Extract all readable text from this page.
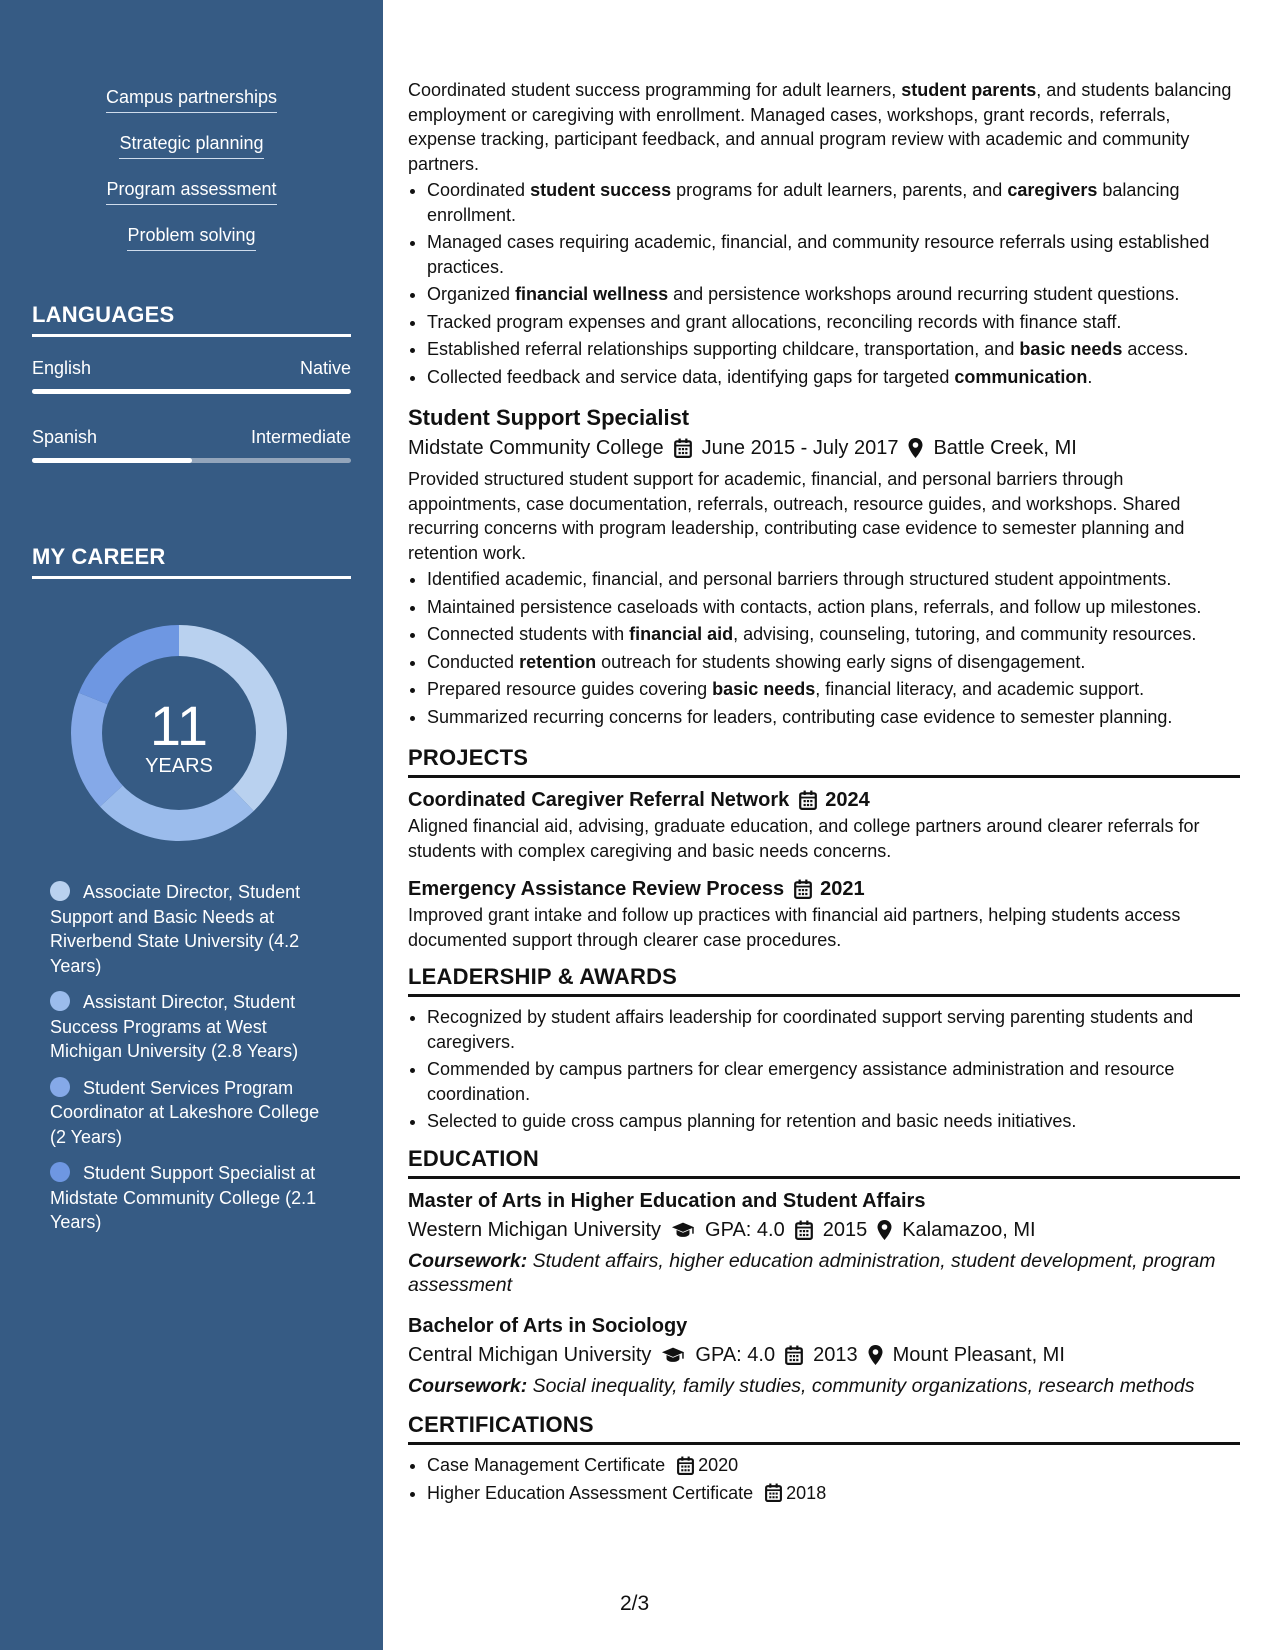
Campus partnerships
Strategic planning
Program assessment
Problem solving
LANGUAGES
English	Native
Spanish	Intermediate
MY CAREER
11
YEARS
Associate Director, Student Support and Basic Needs at Riverbend State University (4.2 Years)
Assistant Director, Student Success Programs at West Michigan University (2.8 Years)
Student Services Program Coordinator at Lakeshore College (2 Years)
Student Support Specialist at Midstate Community College (2.1 Years)

Coordinated student success programming for adult learners, student parents, and students balancing employment or caregiving with enrollment. Managed cases, workshops, grant records, referrals, expense tracking, participant feedback, and annual program review with academic and community partners.

• Coordinated student success programs for adult learners, parents, and caregivers balancing enrollment.
• Managed cases requiring academic, financial, and community resource referrals using established practices.
• Organized financial wellness and persistence workshops around recurring student questions.
• Tracked program expenses and grant allocations, reconciling records with finance staff.
• Established referral relationships supporting childcare, transportation, and basic needs access.
• Collected feedback and service data, identifying gaps for targeted communication.
Student Support Specialist
Midstate Community College June 2015 - July 2017 Battle Creek, MI

Provided structured student support for academic, financial, and personal barriers through appointments, case documentation, referrals, outreach, resource guides, and workshops. Shared recurring concerns with program leadership, contributing case evidence to semester planning and retention work.

• Identified academic, financial, and personal barriers through structured student appointments.
• Maintained persistence caseloads with contacts, action plans, referrals, and follow up milestones.
• Connected students with financial aid, advising, counseling, tutoring, and community resources.
• Conducted retention outreach for students showing early signs of disengagement.
• Prepared resource guides covering basic needs, financial literacy, and academic support.
• Summarized recurring concerns for leaders, contributing case evidence to semester planning.
PROJECTS
Coordinated Caregiver Referral Network 2024

Aligned financial aid, advising, graduate education, and college partners around clearer referrals for students with complex caregiving and basic needs concerns.

Emergency Assistance Review Process 2021

Improved grant intake and follow up practices with financial aid partners, helping students access documented support through clearer case procedures.

LEADERSHIP & AWARDS
• Recognized by student affairs leadership for coordinated support serving parenting students and caregivers.
• Commended by campus partners for clear emergency assistance administration and resource coordination.
• Selected to guide cross campus planning for retention and basic needs initiatives.
EDUCATION
Master of Arts in Higher Education and Student Affairs
Western Michigan University GPA: 4.0 2015 Kalamazoo, MI

Coursework: Student affairs, higher education administration, student development, program assessment

Bachelor of Arts in Sociology
Central Michigan University GPA: 4.0 2013 Mount Pleasant, MI

Coursework: Social inequality, family studies, community organizations, research methods

CERTIFICATIONS
• Case Management Certificate 2020
• Higher Education Assessment Certificate 2018
2/3
